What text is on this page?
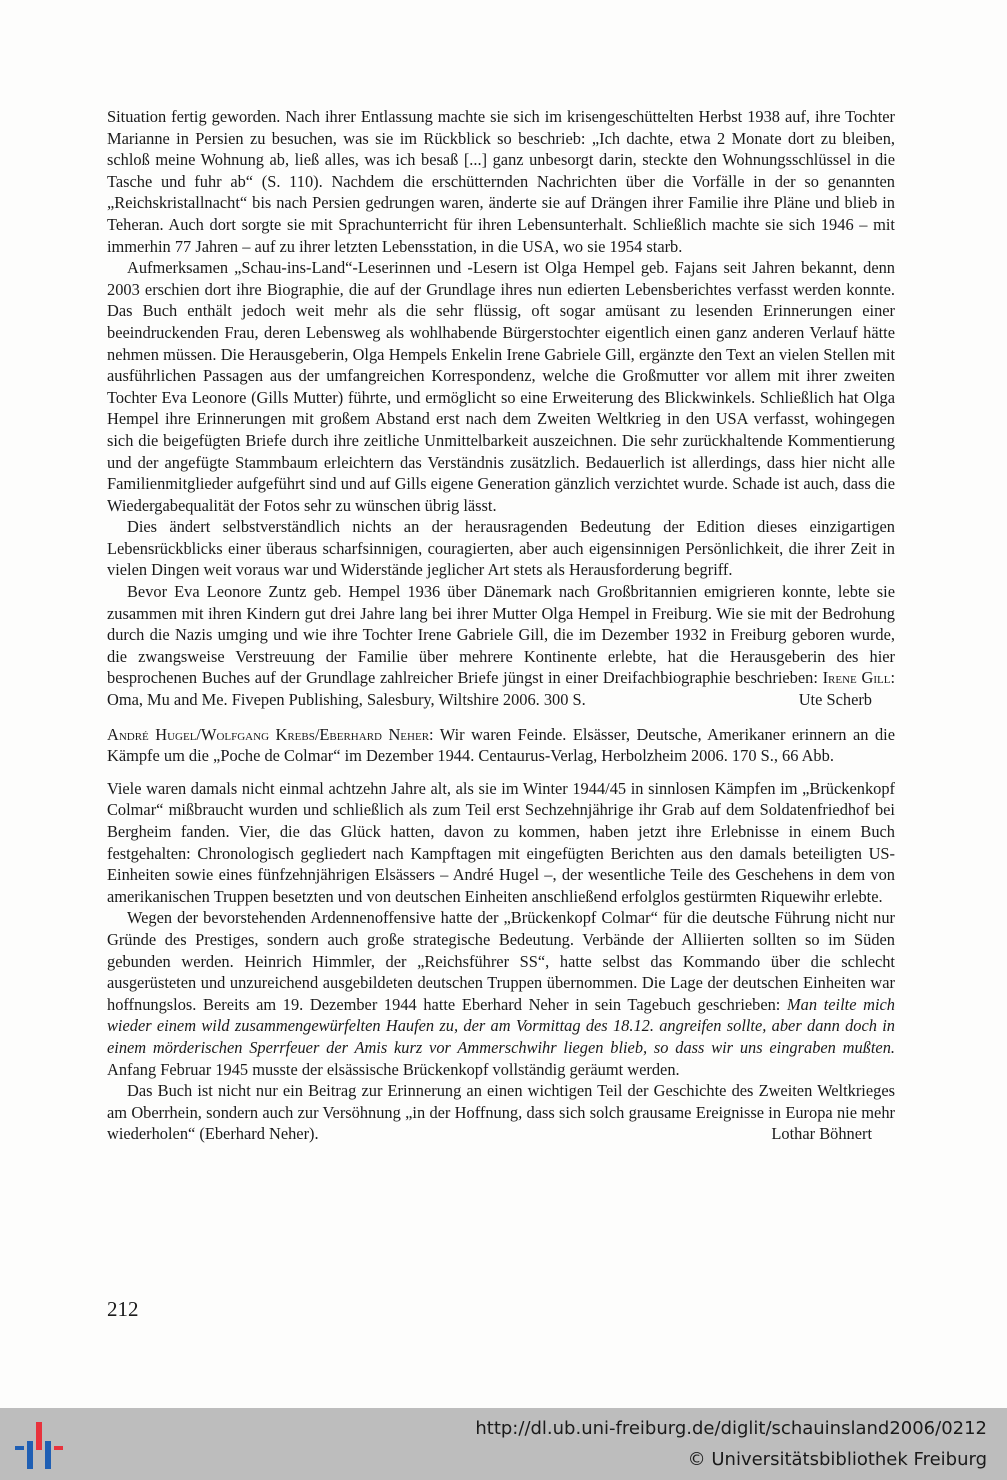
Situation fertig geworden. Nach ihrer Entlassung machte sie sich im krisengeschüttelten Herbst 1938 auf, ihre Tochter Marianne in Persien zu besuchen, was sie im Rückblick so beschrieb: „Ich dachte, etwa 2 Monate dort zu bleiben, schloß meine Wohnung ab, ließ alles, was ich besaß [...] ganz unbesorgt darin, steckte den Wohnungsschlüssel in die Tasche und fuhr ab“ (S. 110). Nachdem die erschütternden Nachrichten über die Vorfälle in der so genannten „Reichskristallnacht“ bis nach Persien gedrungen waren, änderte sie auf Drängen ihrer Familie ihre Pläne und blieb in Teheran. Auch dort sorgte sie mit Sprachunterricht für ihren Lebensunterhalt. Schließlich machte sie sich 1946 – mit immerhin 77 Jahren – auf zu ihrer letzten Lebensstation, in die USA, wo sie 1954 starb.

Aufmerksamen „Schau-ins-Land“-Leserinnen und -Lesern ist Olga Hempel geb. Fajans seit Jahren bekannt, denn 2003 erschien dort ihre Biographie, die auf der Grundlage ihres nun edierten Lebensberichtes verfasst werden konnte. Das Buch enthält jedoch weit mehr als die sehr flüssig, oft sogar amüsant zu lesenden Erinnerungen einer beeindruckenden Frau, deren Lebensweg als wohlhabende Bürgerstochter eigentlich einen ganz anderen Verlauf hätte nehmen müssen. Die Herausgeberin, Olga Hempels Enkelin Irene Gabriele Gill, ergänzte den Text an vielen Stellen mit ausführlichen Passagen aus der umfangreichen Korrespondenz, welche die Großmutter vor allem mit ihrer zweiten Tochter Eva Leonore (Gills Mutter) führte, und ermöglicht so eine Erweiterung des Blickwinkels. Schließlich hat Olga Hempel ihre Erinnerungen mit großem Abstand erst nach dem Zweiten Weltkrieg in den USA verfasst, wohingegen sich die beigefügten Briefe durch ihre zeitliche Unmittelbarkeit auszeichnen. Die sehr zurückhaltende Kommentierung und der angefügte Stammbaum erleichtern das Verständnis zusätzlich. Bedauerlich ist allerdings, dass hier nicht alle Familienmitglieder aufgeführt sind und auf Gills eigene Generation gänzlich verzichtet wurde. Schade ist auch, dass die Wiedergabequalität der Fotos sehr zu wünschen übrig lässt.

Dies ändert selbstverständlich nichts an der herausragenden Bedeutung der Edition dieses einzigartigen Lebensrückblicks einer überaus scharfsinnigen, couragierten, aber auch eigensinnigen Persönlichkeit, die ihrer Zeit in vielen Dingen weit voraus war und Widerstände jeglicher Art stets als Herausforderung begriff.

Bevor Eva Leonore Zuntz geb. Hempel 1936 über Dänemark nach Großbritannien emigrieren konnte, lebte sie zusammen mit ihren Kindern gut drei Jahre lang bei ihrer Mutter Olga Hempel in Freiburg. Wie sie mit der Bedrohung durch die Nazis umging und wie ihre Tochter Irene Gabriele Gill, die im Dezember 1932 in Freiburg geboren wurde, die zwangsweise Verstreuung der Familie über mehrere Kontinente erlebte, hat die Herausgeberin des hier besprochenen Buches auf der Grundlage zahlreicher Briefe jüngst in einer Dreifachbiographie beschrieben: Irene Gill: Oma, Mu and Me. Fivepen Publishing, Salesbury, Wiltshire 2006. 300 S.	Ute Scherb

André Hugel/Wolfgang Krebs/Eberhard Neher: Wir waren Feinde. Elsässer, Deutsche, Amerikaner erinnern an die Kämpfe um die „Poche de Colmar“ im Dezember 1944. Centaurus-Verlag, Herbolzheim 2006. 170 S., 66 Abb.

Viele waren damals nicht einmal achtzehn Jahre alt, als sie im Winter 1944/45 in sinnlosen Kämpfen im „Brückenkopf Colmar“ mißbraucht wurden und schließlich als zum Teil erst Sechzehnjährige ihr Grab auf dem Soldatenfriedhof bei Bergheim fanden. Vier, die das Glück hatten, davon zu kommen, haben jetzt ihre Erlebnisse in einem Buch festgehalten: Chronologisch gegliedert nach Kampftagen mit eingefügten Berichten aus den damals beteiligten US-Einheiten sowie eines fünfzehnjährigen Elsässers – André Hugel –, der wesentliche Teile des Geschehens in dem von amerikanischen Truppen besetzten und von deutschen Einheiten anschließend erfolglos gestürmten Riquewihr erlebte.

Wegen der bevorstehenden Ardennenoffensive hatte der „Brückenkopf Colmar“ für die deutsche Führung nicht nur Gründe des Prestiges, sondern auch große strategische Bedeutung. Verbände der Alliierten sollten so im Süden gebunden werden. Heinrich Himmler, der „Reichsführer SS“, hatte selbst das Kommando über die schlecht ausgerüsteten und unzureichend ausgebildeten deutschen Truppen übernommen. Die Lage der deutschen Einheiten war hoffnungslos. Bereits am 19. Dezember 1944 hatte Eberhard Neher in sein Tagebuch geschrieben: Man teilte mich wieder einem wild zusammengewürfelten Haufen zu, der am Vormittag des 18.12. angreifen sollte, aber dann doch in einem mörderischen Sperrfeuer der Amis kurz vor Ammerschwihr liegen blieb, so dass wir uns eingraben mußten. Anfang Februar 1945 musste der elsässische Brückenkopf vollständig geräumt werden.

Das Buch ist nicht nur ein Beitrag zur Erinnerung an einen wichtigen Teil der Geschichte des Zweiten Weltkrieges am Oberrhein, sondern auch zur Versöhnung „in der Hoffnung, dass sich solch grausame Ereignisse in Europa nie mehr wiederholen“ (Eberhard Neher).	Lothar Böhnert

212
http://dl.ub.uni-freiburg.de/diglit/schauinsland2006/0212
© Universitätsbibliothek Freiburg
